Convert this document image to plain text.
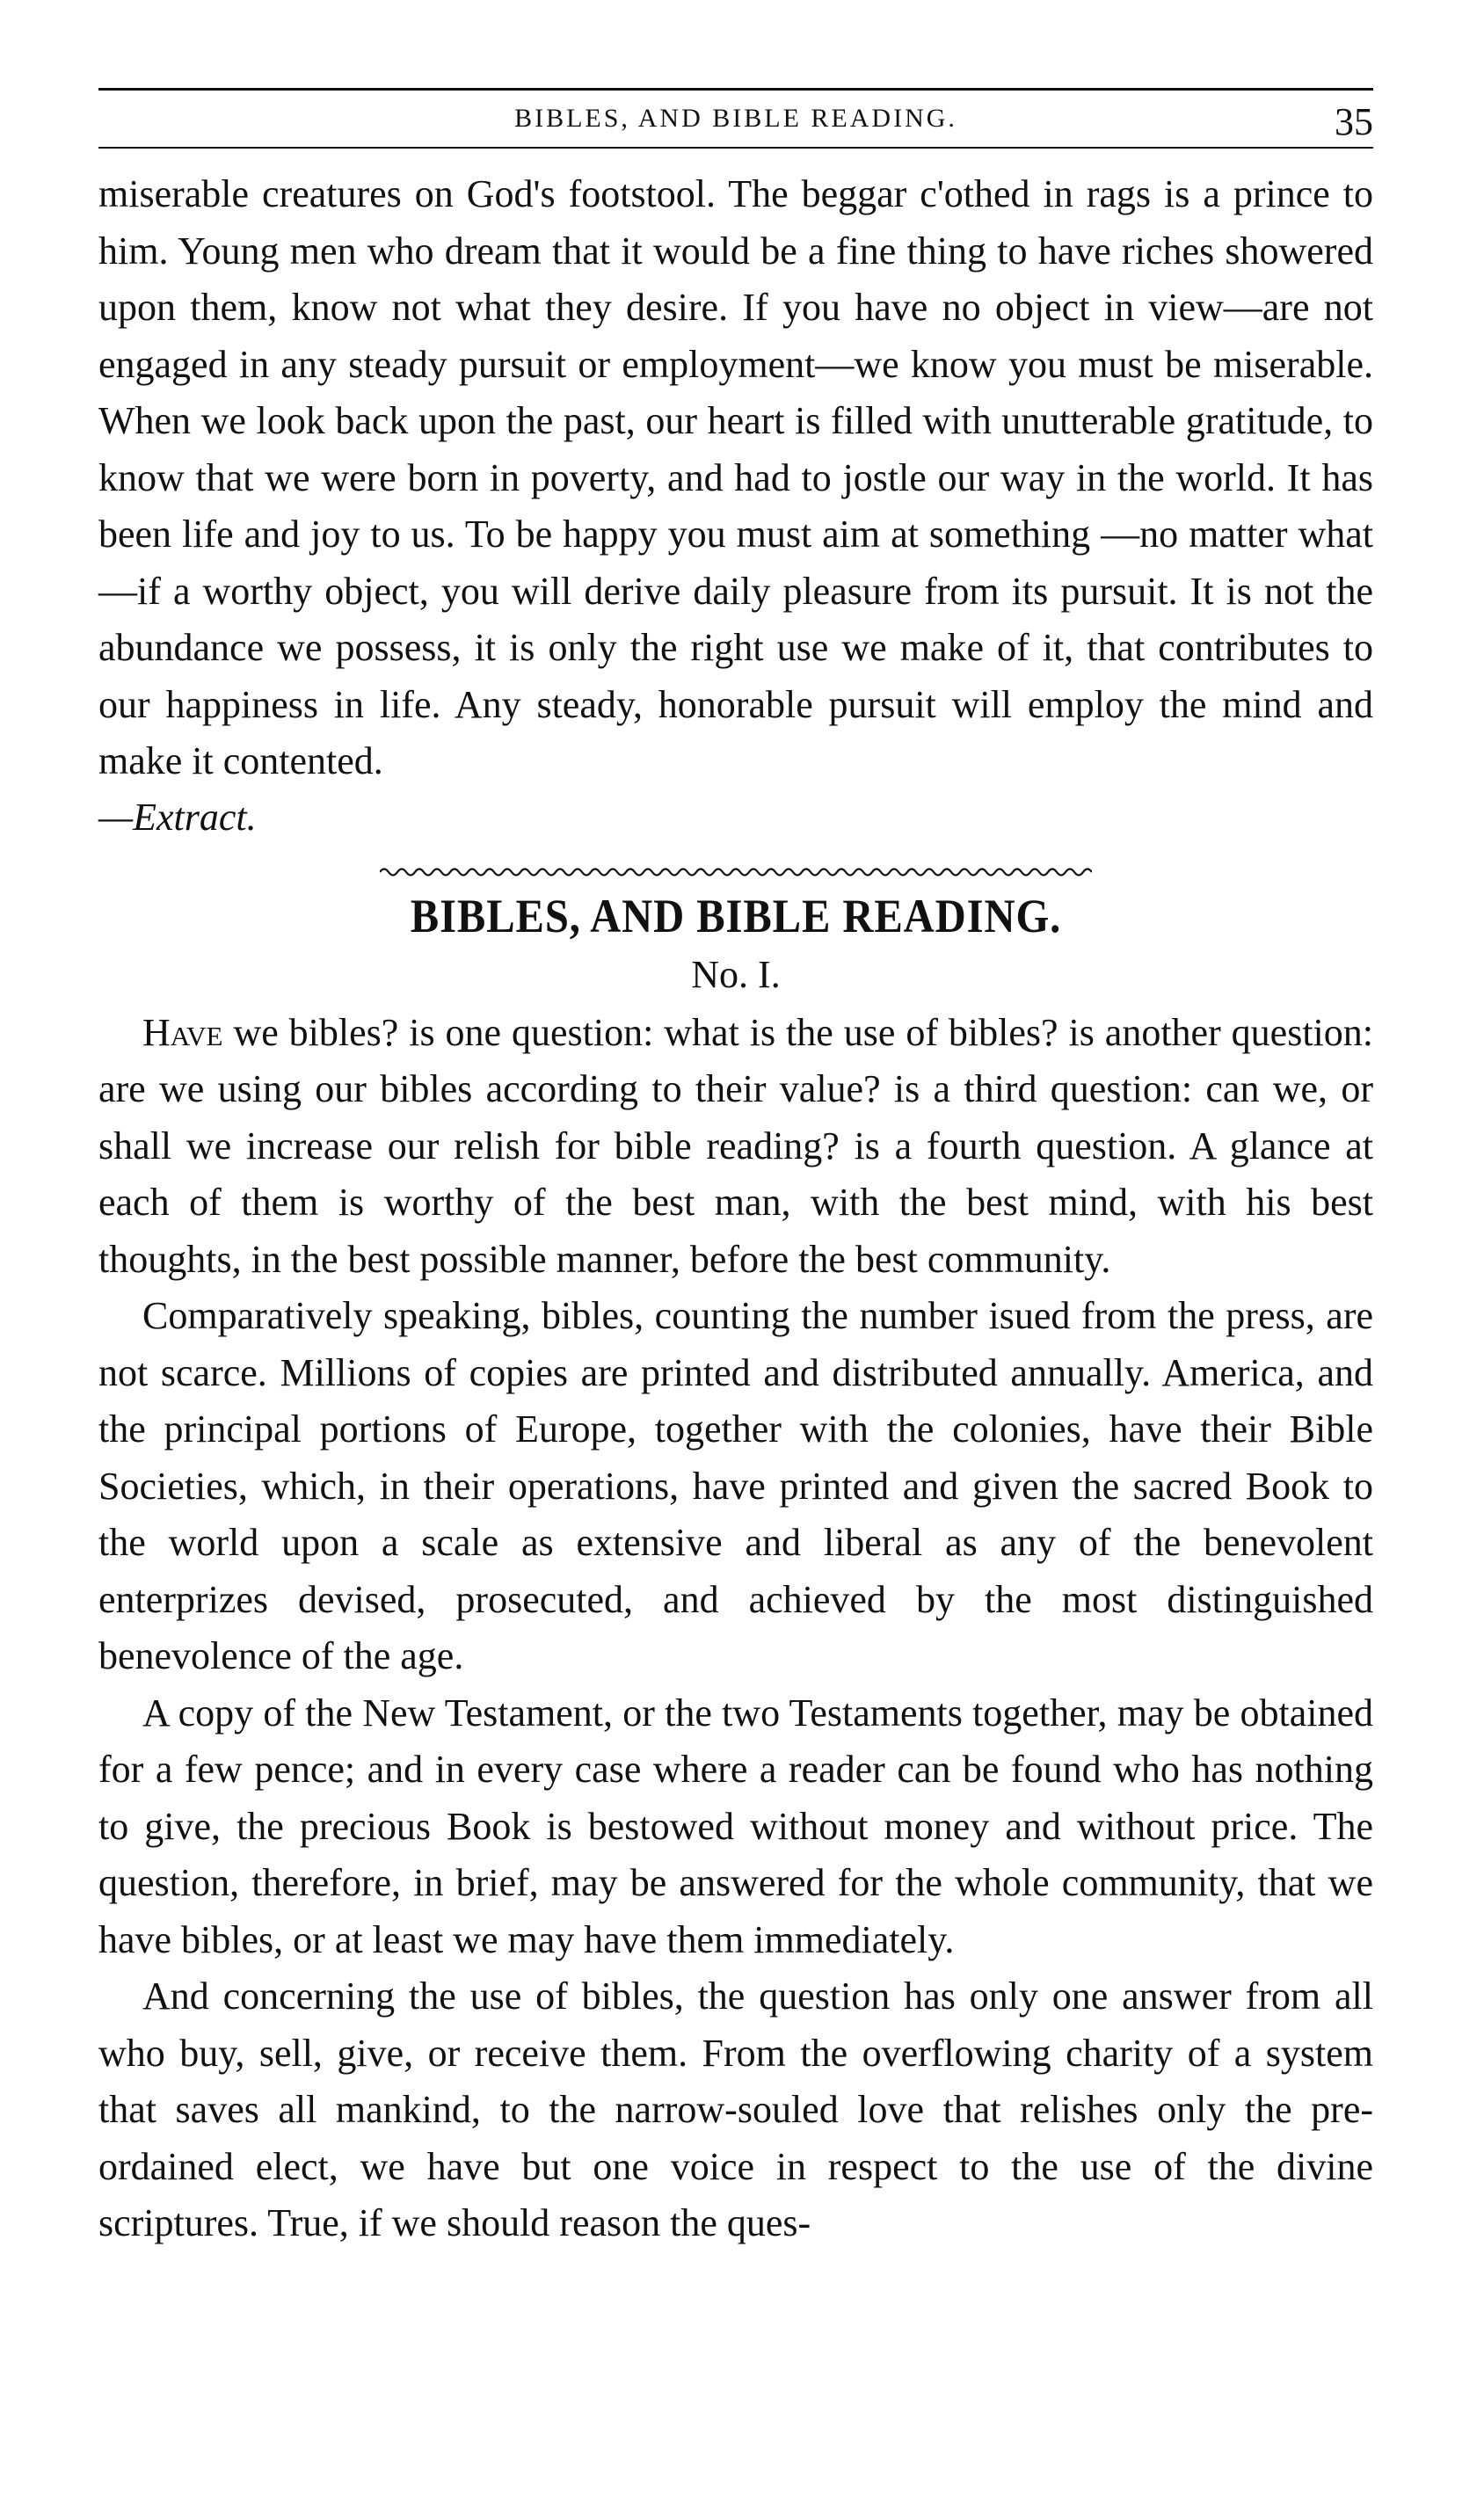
BIBLES, AND BIBLE READING.	35

miserable creatures on God's footstool. The beggar c'othed in rags is a prince to him. Young men who dream that it would be a fine thing to have riches showered upon them, know not what they desire. If you have no object in view—are not engaged in any steady pursuit or employment—we know you must be miserable. When we look back upon the past, our heart is filled with unutterable gratitude, to know that we were born in poverty, and had to jostle our way in the world. It has been life and joy to us. To be happy you must aim at something —no matter what—if a worthy object, you will derive daily pleasure from its pursuit. It is not the abundance we possess, it is only the right use we make of it, that contributes to our happiness in life. Any steady, honorable pursuit will employ the mind and make it contented.

—Extract.

BIBLES, AND BIBLE READING.
No. I.

Have we bibles? is one question: what is the use of bibles? is another question: are we using our bibles according to their value? is a third question: can we, or shall we increase our relish for bible reading? is a fourth question. A glance at each of them is worthy of the best man, with the best mind, with his best thoughts, in the best possible manner, before the best community.

Comparatively speaking, bibles, counting the number isued from the press, are not scarce. Millions of copies are printed and distributed annually. America, and the principal portions of Europe, together with the colonies, have their Bible Societies, which, in their operations, have printed and given the sacred Book to the world upon a scale as extensive and liberal as any of the benevolent enterprizes devised, prosecuted, and achieved by the most distinguished benevolence of the age.

A copy of the New Testament, or the two Testaments together, may be obtained for a few pence; and in every case where a reader can be found who has nothing to give, the precious Book is bestowed without money and without price. The question, therefore, in brief, may be answered for the whole community, that we have bibles, or at least we may have them immediately.

And concerning the use of bibles, the question has only one answer from all who buy, sell, give, or receive them. From the overflowing charity of a system that saves all mankind, to the narrow-souled love that relishes only the pre-ordained elect, we have but one voice in respect to the use of the divine scriptures. True, if we should reason the ques-
